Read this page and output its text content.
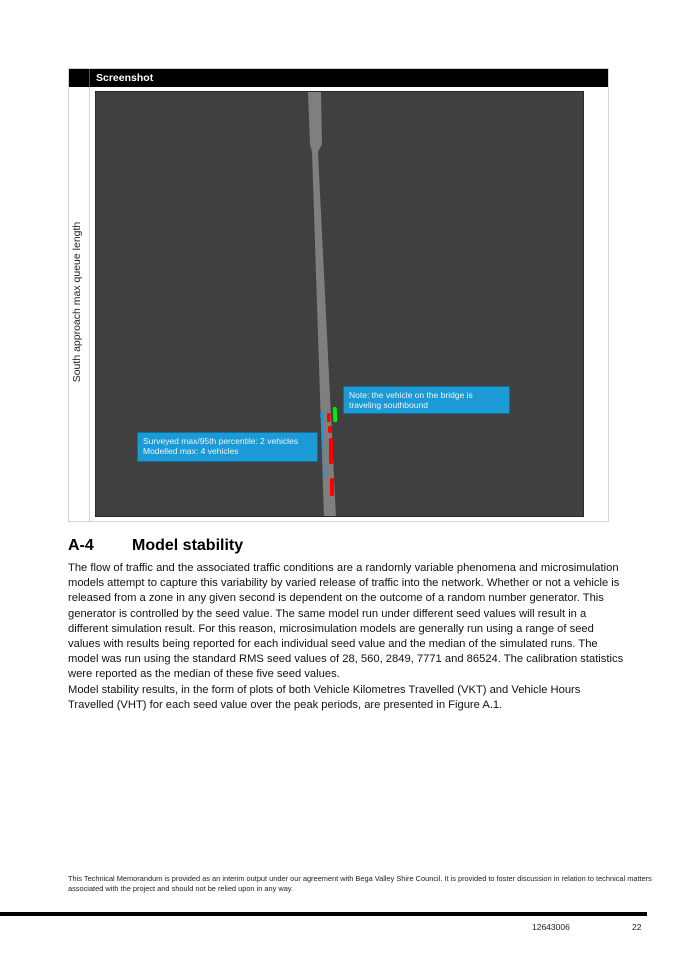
Screenshot
South approach max queue length
Surveyed max/95th percentile: 2 vehicles
Modelled max: 4 vehicles
Note: the vehicle on the bridge is
traveling southbound
A-4	Model stability

The flow of traffic and the associated traffic conditions are a randomly variable phenomena and microsimulation models attempt to capture this variability by varied release of traffic into the network. Whether or not a vehicle is released from a zone in any given second is dependent on the outcome of a random number generator. This generator is controlled by the seed value. The same model run under different seed values will result in a different simulation result. For this reason, microsimulation models are generally run using a range of seed values with results being reported for each individual seed value and the median of the simulated runs. The model was run using the standard RMS seed values of 28, 560, 2849, 7771 and 86524. The calibration statistics were reported as the median of these five seed values.

Model stability results, in the form of plots of both Vehicle Kilometres Travelled (VKT) and Vehicle Hours Travelled (VHT) for each seed value over the peak periods, are presented in Figure A.1.

This Technical Memorandum is provided as an interim output under our agreement with Bega Valley Shire Council. It is provided to foster discussion in relation to technical matters associated with the project and should not be relied upon in any way.
12643006	22
